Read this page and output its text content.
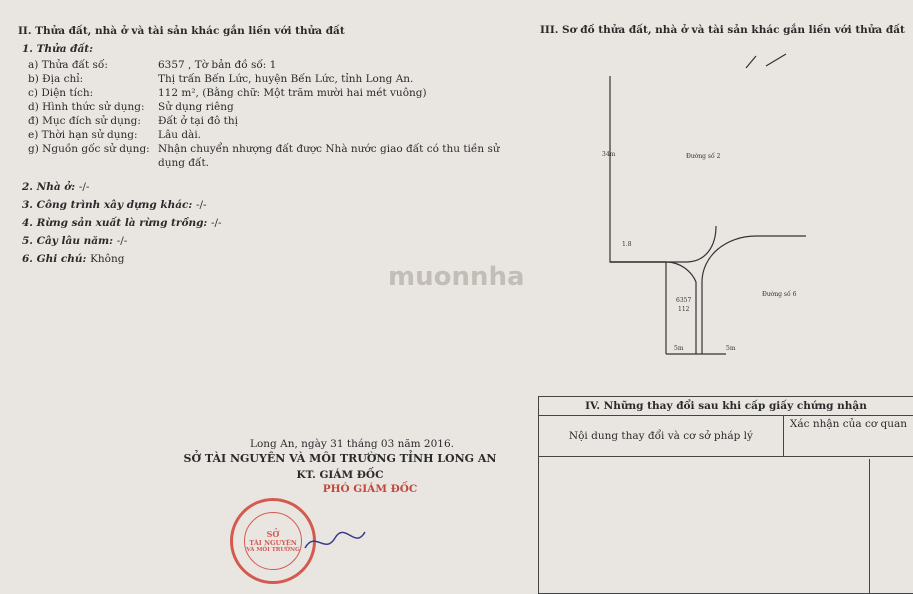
II. Thửa đất, nhà ở và tài sản khác gắn liền với thửa đất
1. Thửa đất:
a) Thửa đất số:	6357 , Tờ bản đồ số: 1
b) Địa chỉ:	Thị trấn Bến Lức, huyện Bến Lức, tỉnh Long An.
c) Diện tích:	112 m², (Bằng chữ: Một trăm mười hai mét vuông)
d) Hình thức sử dụng:	Sử dụng riêng
đ) Mục đích sử dụng:	Đất ở tại đô thị
e) Thời hạn sử dụng:	Lâu dài.
g) Nguồn gốc sử dụng: Nhận chuyển nhượng đất được Nhà nước giao đất có thu tiền sử dụng đất.
2. Nhà ở: -/-
3. Công trình xây dựng khác: -/-
4. Rừng sản xuất là rừng trồng: -/-
5. Cây lâu năm: -/-
6. Ghi chú: Không
muonnha
Long An, ngày 31 tháng 03 năm 2016.
SỞ TÀI NGUYÊN VÀ MÔI TRƯỜNG TỈNH LONG AN
KT. GIÁM ĐỐC
PHÓ GIÁM ĐỐC
SỞ
TÀI NGUYÊN
VÀ MÔI TRƯỜNG
III. Sơ đồ thửa đất, nhà ở và tài sản khác gắn liền với thửa đất
34m	Đường số 2
Đường số 6
6357
112
1.8
5m	5m
IV. Những thay đổi sau khi cấp giấy chứng nhận
Nội dung thay đổi và cơ sở pháp lý
Xác nhận của cơ quan
